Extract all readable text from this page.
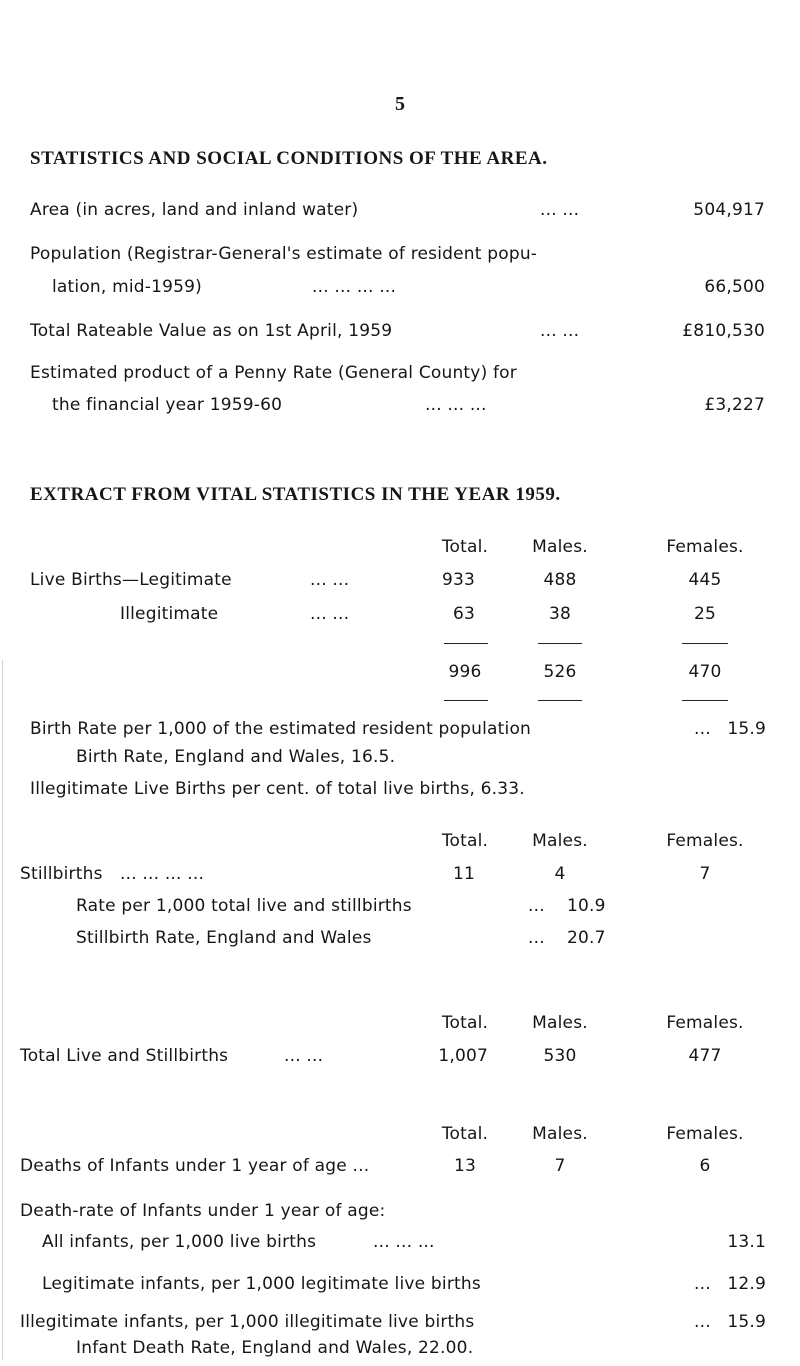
5
STATISTICS AND SOCIAL CONDITIONS OF THE AREA.
Area (in acres, land and inland water)	... ...	504,917
Population (Registrar-General's estimate of resident popu-
lation, mid-1959)	... ... ... ...	66,500
Total Rateable Value as on 1st April, 1959	... ...	£810,530
Estimated product of a Penny Rate (General County) for
the financial year 1959-60	... ... ...	£3,227
EXTRACT FROM VITAL STATISTICS IN THE YEAR 1959.
Total.	Males.	Females.
Live Births—Legitimate	... ...	933	488	445
Illegitimate	... ...	63	38	25
996	526	470
Birth Rate per 1,000 of the estimated resident population	... 15.9
Birth Rate, England and Wales, 16.5.
Illegitimate Live Births per cent. of total live births, 6.33.
Total.	Males.	Females.
Stillbirths ... ... ... ...	11	4	7
Rate per 1,000 total live and stillbirths	... 10.9
Stillbirth Rate, England and Wales	... 20.7
Total.	Males.	Females.
Total Live and Stillbirths	... ...	1,007	530	477
Total.	Males.	Females.
Deaths of Infants under 1 year of age ...	13	7	6
Death-rate of Infants under 1 year of age:
All infants, per 1,000 live births	... ... ...	13.1
Legitimate infants, per 1,000 legitimate live births	... 12.9
Illegitimate infants, per 1,000 illegitimate live births	... 15.9
Infant Death Rate, England and Wales, 22.00.
